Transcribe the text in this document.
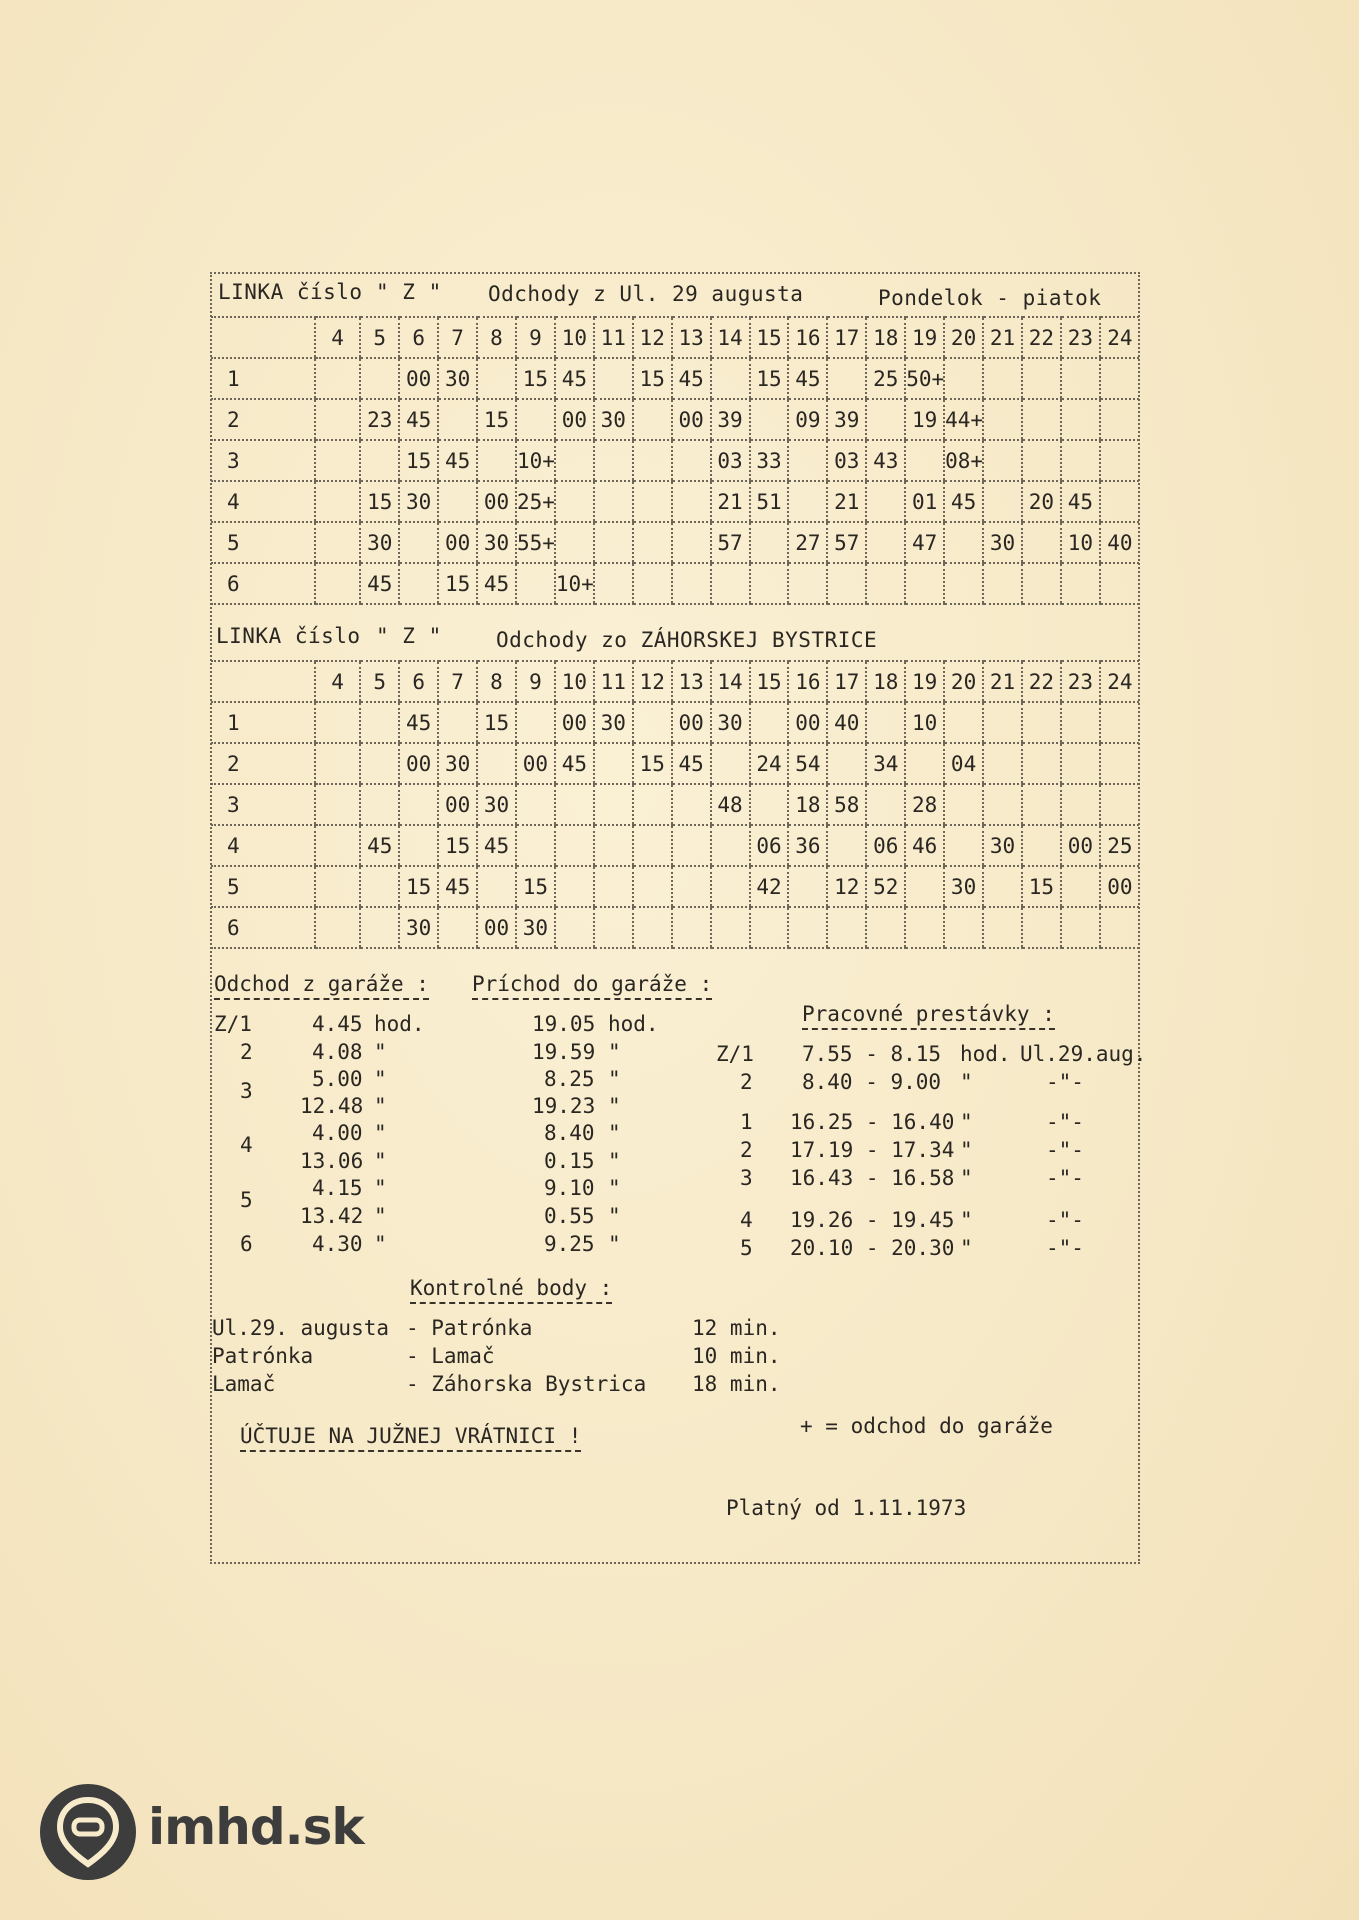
LINKA číslo " Z " Odchody z Ul. 29 augusta	Pondelok - piatok
	4	5	6	7	8	9	10	11	12	13	14	15	16	17	18	19	20	21	22	23	24
1			00	30		15	45		15	45		15	45		25	50+					
2		23	45		15		00	30		00	39		09	39		19	44+				
3			15	45		10+					03	33		03	43		08+				
4		15	30		00	25+					21	51		21		01	45		20	45	
5		30		00	30	55+					57		27	57		47		30		10	40
6		45		15	45		10+														
LINKA číslo " Z "	Odchody zo ZÁHORSKEJ BYSTRICE
	4	5	6	7	8	9	10	11	12	13	14	15	16	17	18	19	20	21	22	23	24
1			45		15		00	30		00	30		00	40		10					
2			00	30		00	45		15	45		24	54		34		04				
3				00	30						48		18	58		28					
4		45		15	45							06	36		06	46		30		00	25
5			15	45		15						42		12	52		30		15		00
6			30		00	30															
Odchod z garáže : Príchod do garáže :
Z/1	4.45 hod.	19.05 hod.
2	4.08 "	19.59 "
3	5.00 "	8.25 "
12.48 "	19.23 "
4	4.00 "	8.40 "
13.06 "	0.15 "
5	4.15 "	9.10 "
13.42 "	0.55 "
6	4.30 "	9.25 "
Pracovné prestávky :
Z/1 7.55 - 8.15 hod. Ul.29.aug.
2 8.40 - 9.00 "	-"-
1 16.25 - 16.40 "	-"-
2 17.19 - 17.34 "	-"-
3 16.43 - 16.58 "	-"-
4 19.26 - 19.45 "	-"-
5 20.10 - 20.30 "	-"-
Kontrolné body :
Ul.29. augusta - Patrónka	12 min.
Patrónka	- Lamač	10 min.
Lamač	- Záhorska Bystrica 18 min.
ÚČTUJE NA JUŽNEJ VRÁTNICI !	+ = odchod do garáže
Platný od 1.11.1973
imhd.sk
